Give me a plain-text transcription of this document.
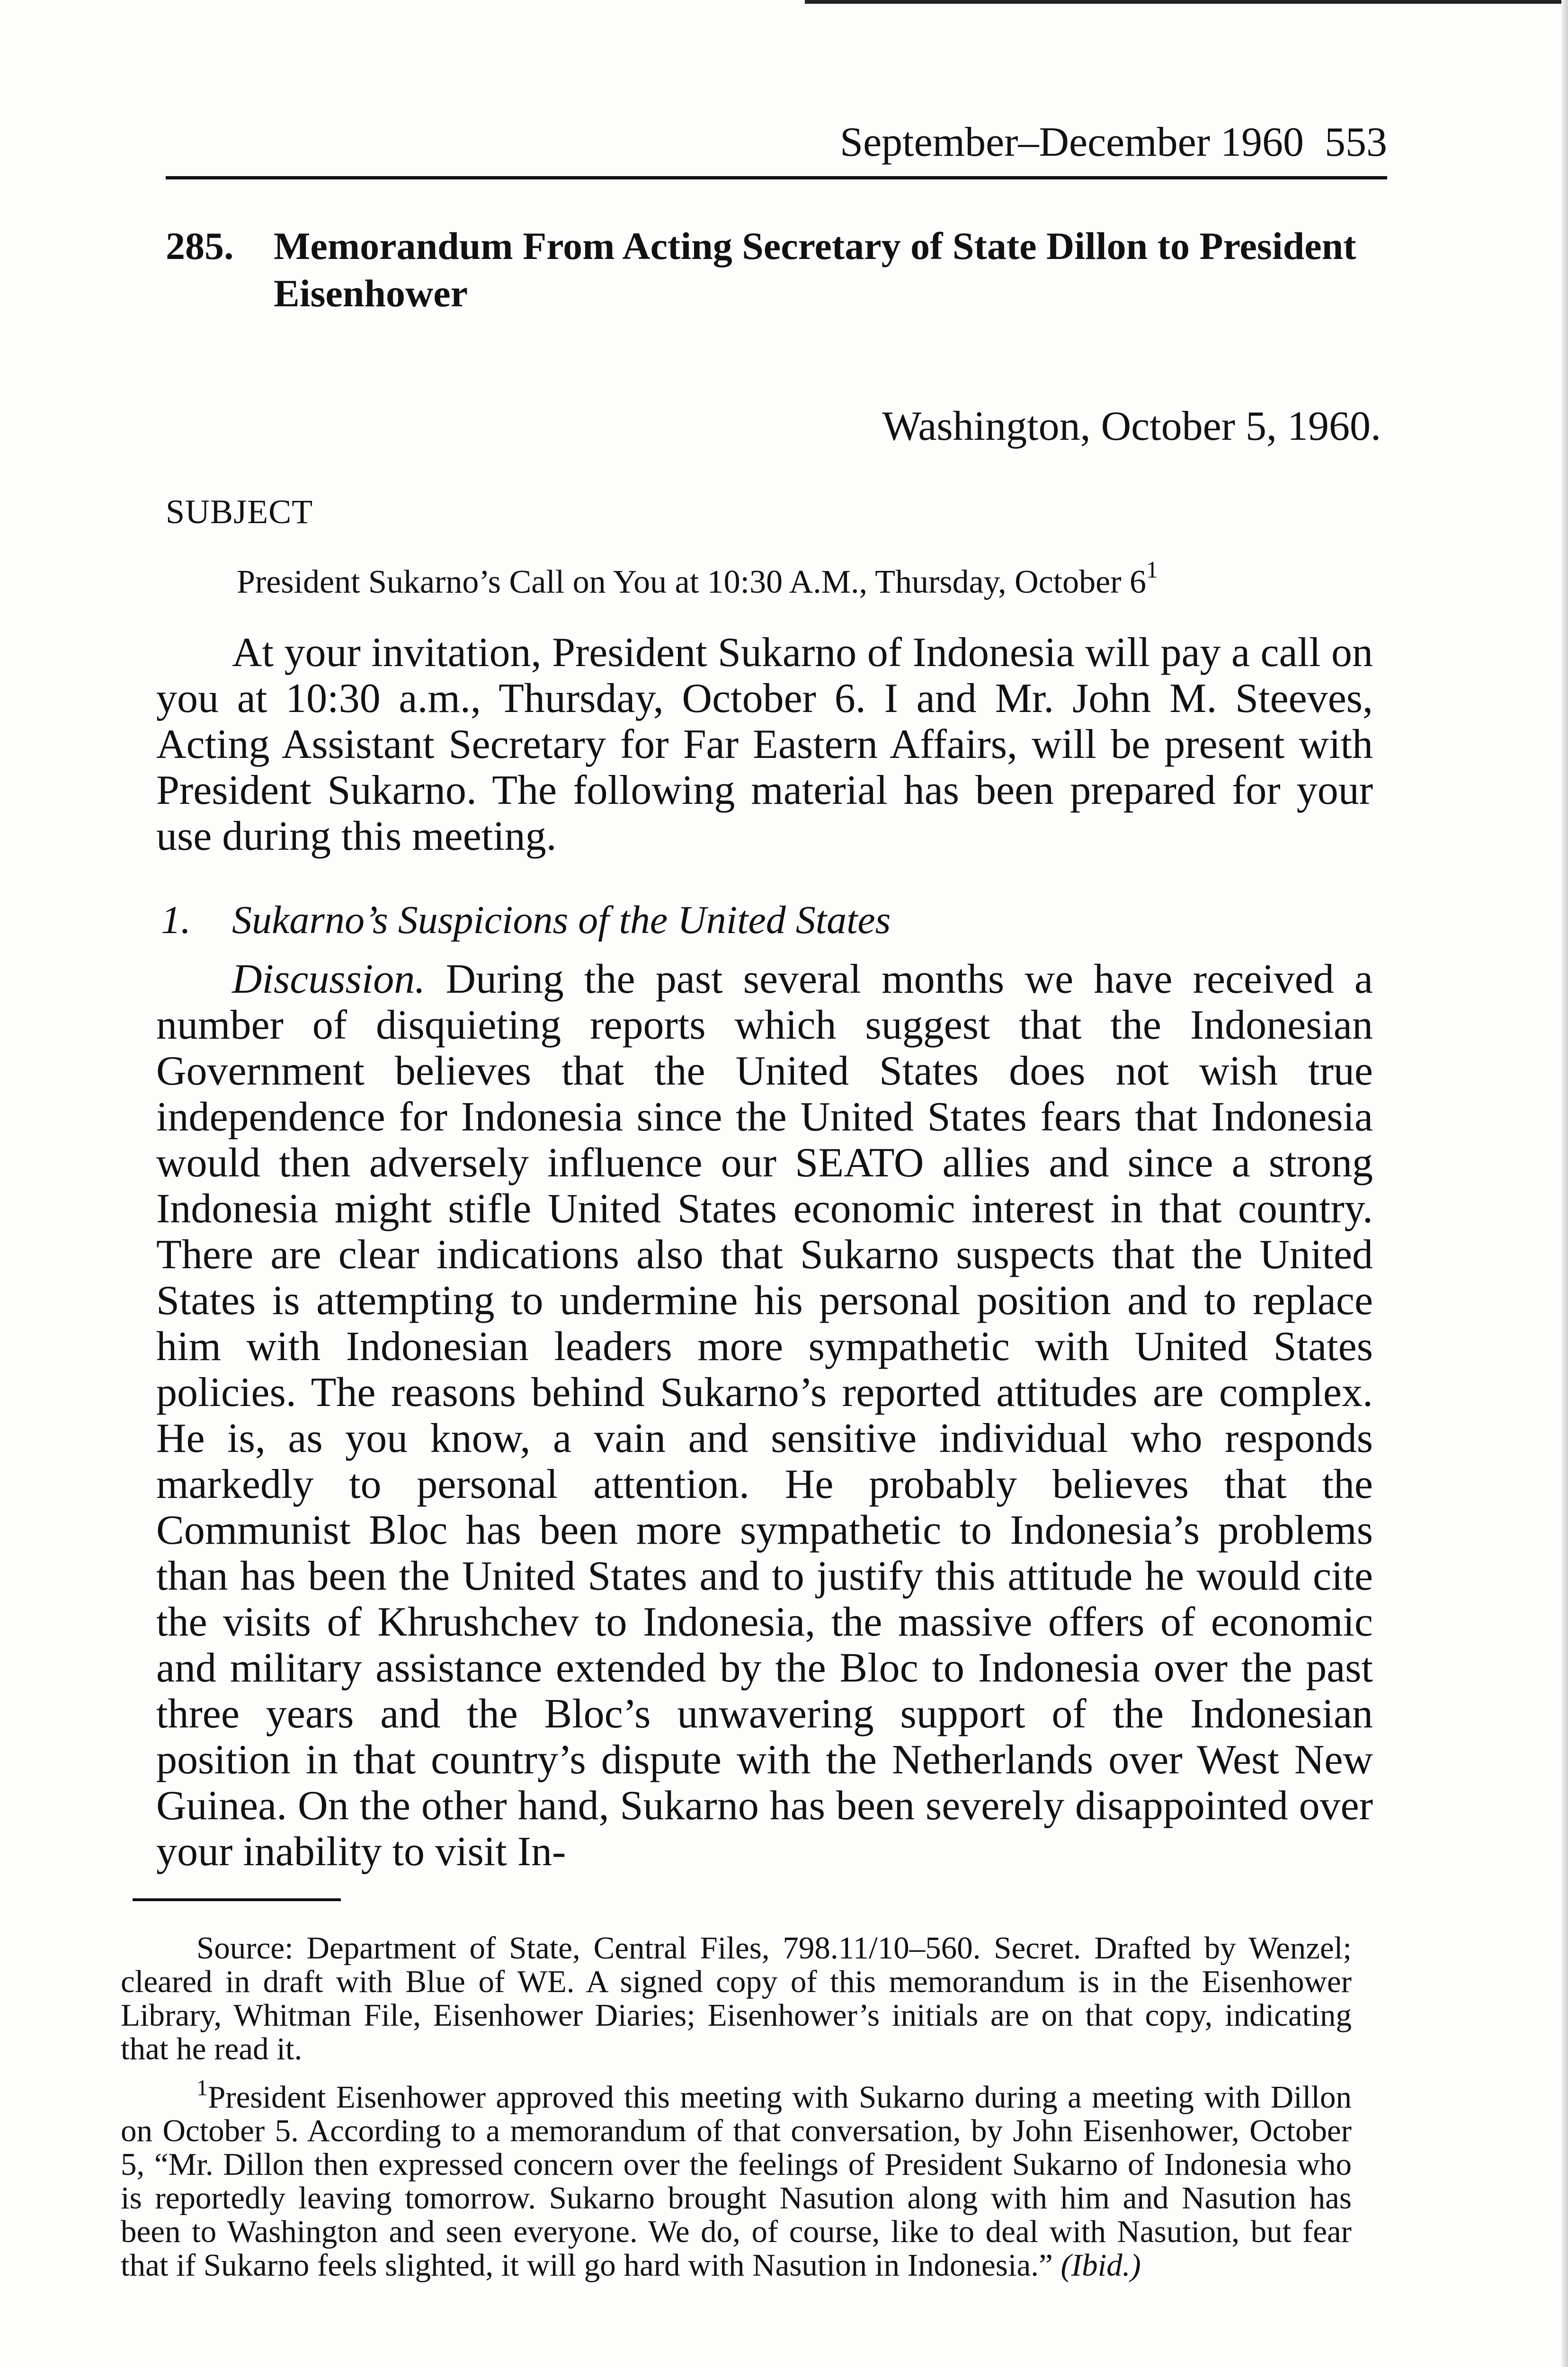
September–December 1960 553
285. Memorandum From Acting Secretary of State Dillon to President Eisenhower
Washington, October 5, 1960.
SUBJECT
President Sukarno’s Call on You at 10:30 A.M., Thursday, October $6^1$
At your invitation, President Sukarno of Indonesia will pay a call on you at 10:30 a.m., Thursday, October 6. I and Mr. John M. Steeves, Acting Assistant Secretary for Far Eastern Affairs, will be present with President Sukarno. The following material has been prepared for your use during this meeting.
1. Sukarno’s Suspicions of the United States
Discussion. During the past several months we have received a number of disquieting reports which suggest that the Indonesian Government believes that the United States does not wish true independence for Indonesia since the United States fears that Indonesia would then adversely influence our SEATO allies and since a strong Indonesia might stifle United States economic interest in that country. There are clear indications also that Sukarno suspects that the United States is attempting to undermine his personal position and to replace him with Indonesian leaders more sympathetic with United States policies. The reasons behind Sukarno’s reported attitudes are complex. He is, as you know, a vain and sensitive individual who responds markedly to personal attention. He probably believes that the Communist Bloc has been more sympathetic to Indonesia’s problems than has been the United States and to justify this attitude he would cite the visits of Khrushchev to Indonesia, the massive offers of economic and military assistance extended by the Bloc to Indonesia over the past three years and the Bloc’s unwavering support of the Indonesian position in that country’s dispute with the Netherlands over West New Guinea. On the other hand, Sukarno has been severely disappointed over your inability to visit In-
Source: Department of State, Central Files, 798.11/10–560. Secret. Drafted by Wenzel; cleared in draft with Blue of WE. A signed copy of this memorandum is in the Eisenhower Library, Whitman File, Eisenhower Diaries; Eisenhower’s initials are on that copy, indicating that he read it.
$^1$President Eisenhower approved this meeting with Sukarno during a meeting with Dillon on October 5. According to a memorandum of that conversation, by John Eisenhower, October 5, “Mr. Dillon then expressed concern over the feelings of President Sukarno of Indonesia who is reportedly leaving tomorrow. Sukarno brought Nasution along with him and Nasution has been to Washington and seen everyone. We do, of course, like to deal with Nasution, but fear that if Sukarno feels slighted, it will go hard with Nasution in Indonesia.” (Ibid.)
